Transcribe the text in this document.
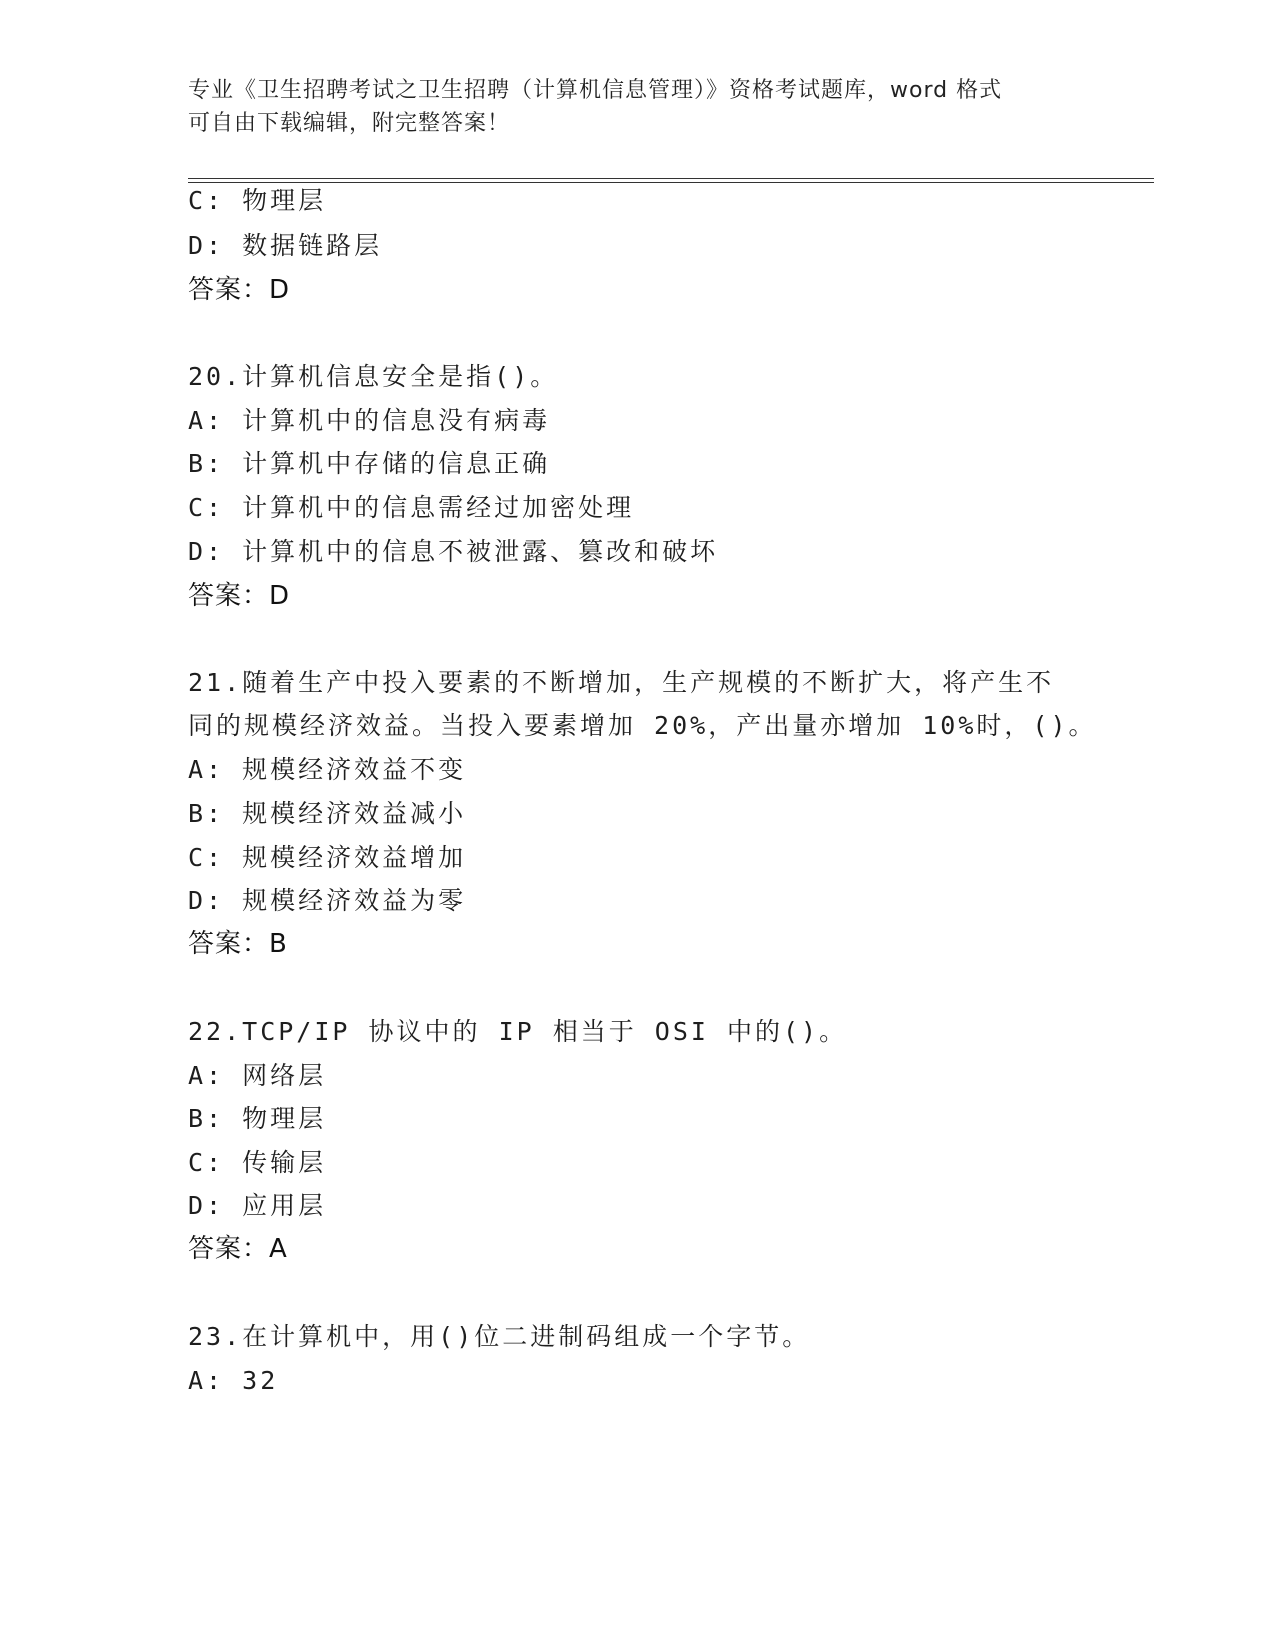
专业《卫生招聘考试之卫生招聘（计算机信息管理）》资格考试题库，word 格式
可自由下载编辑，附完整答案！
C: 物理层
D: 数据链路层
答案：D
20.计算机信息安全是指()。
A: 计算机中的信息没有病毒
B: 计算机中存储的信息正确
C: 计算机中的信息需经过加密处理
D: 计算机中的信息不被泄露、篡改和破坏
答案：D
21.随着生产中投入要素的不断增加，生产规模的不断扩大，将产生不
同的规模经济效益。当投入要素增加 20%，产出量亦增加 10%时，()。
A: 规模经济效益不变
B: 规模经济效益减小
C: 规模经济效益增加
D: 规模经济效益为零
答案：B
22.TCP/IP 协议中的 IP 相当于 OSI 中的()。
A: 网络层
B: 物理层
C: 传输层
D: 应用层
答案：A
23.在计算机中，用()位二进制码组成一个字节。
A: 32
